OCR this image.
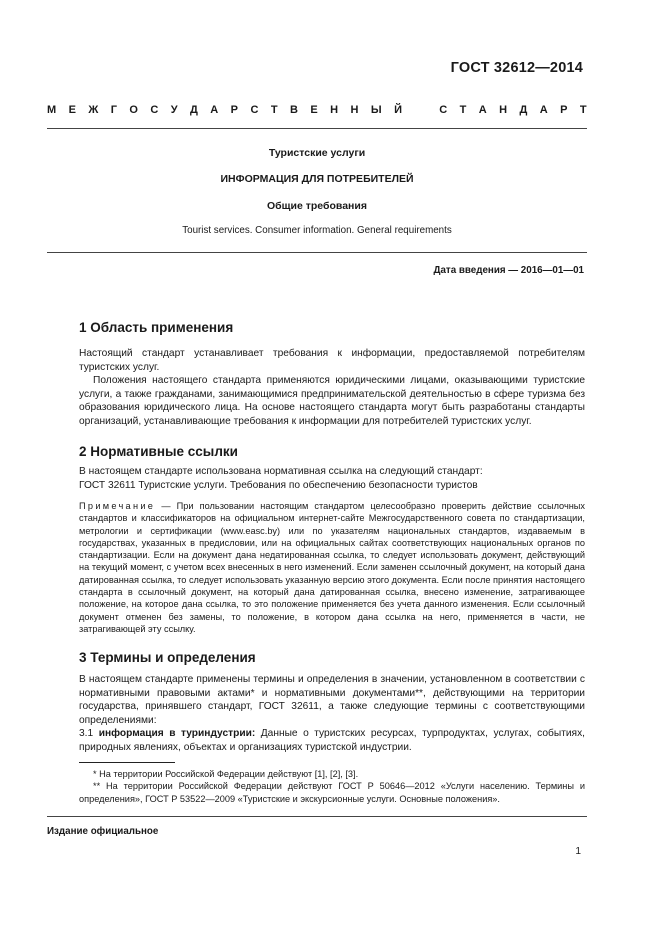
ГОСТ 32612—2014
М Е Ж Г О С У Д А Р С Т В Е Н Н Ы Й	С Т А Н Д А Р Т
Туристские услуги
ИНФОРМАЦИЯ ДЛЯ ПОТРЕБИТЕЛЕЙ
Общие требования
Tourist services. Consumer information. General requirements
Дата введения — 2016—01—01
1 Область применения

Настоящий стандарт устанавливает требования к информации, предоставляемой потребителям туристских услуг.

Положения настоящего стандарта применяются юридическими лицами, оказывающими туристские услуги, а также гражданами, занимающимися предпринимательской деятельностью в сфере туризма без образования юридического лица. На основе настоящего стандарта могут быть разработаны стандарты организаций, устанавливающие требования к информации для потребителей туристских услуг.

2 Нормативные ссылки

В настоящем стандарте использована нормативная ссылка на следующий стандарт:

ГОСТ 32611 Туристские услуги. Требования по обеспечению безопасности туристов

Примечание — При пользовании настоящим стандартом целесообразно проверить действие ссылочных стандартов и классификаторов на официальном интернет-сайте Межгосударственного совета по стандартизации, метрологии и сертификации (www.easc.by) или по указателям национальных стандартов, издаваемым в государствах, указанных в предисловии, или на официальных сайтах соответствующих национальных органов по стандартизации. Если на документ дана недатированная ссылка, то следует использовать документ, действующий на текущий момент, с учетом всех внесенных в него изменений. Если заменен ссылочный документ, на который дана датированная ссылка, то следует использовать указанную версию этого документа. Если после принятия настоящего стандарта в ссылочный документ, на который дана датированная ссылка, внесено изменение, затрагивающее положение, на которое дана ссылка, то это положение применяется без учета данного изменения. Если ссылочный документ отменен без замены, то положение, в котором дана ссылка на него, применяется в части, не затрагивающей эту ссылку.
3 Термины и определения

В настоящем стандарте применены термины и определения в значении, установленном в соответствии с нормативными правовыми актами* и нормативными документами**, действующими на территории государства, принявшего стандарт, ГОСТ 32611, а также следующие термины с соответствующими определениями:

3.1 информация в туриндустрии: Данные о туристских ресурсах, турпродуктах, услугах, событиях, природных явлениях, объектах и организациях туристской индустрии.

* На территории Российской Федерации действуют [1], [2], [3].
** На территории Российской Федерации действуют ГОСТ Р 50646—2012 «Услуги населению. Термины и определения», ГОСТ Р 53522—2009 «Туристские и экскурсионные услуги. Основные положения».
Издание официальное
1
